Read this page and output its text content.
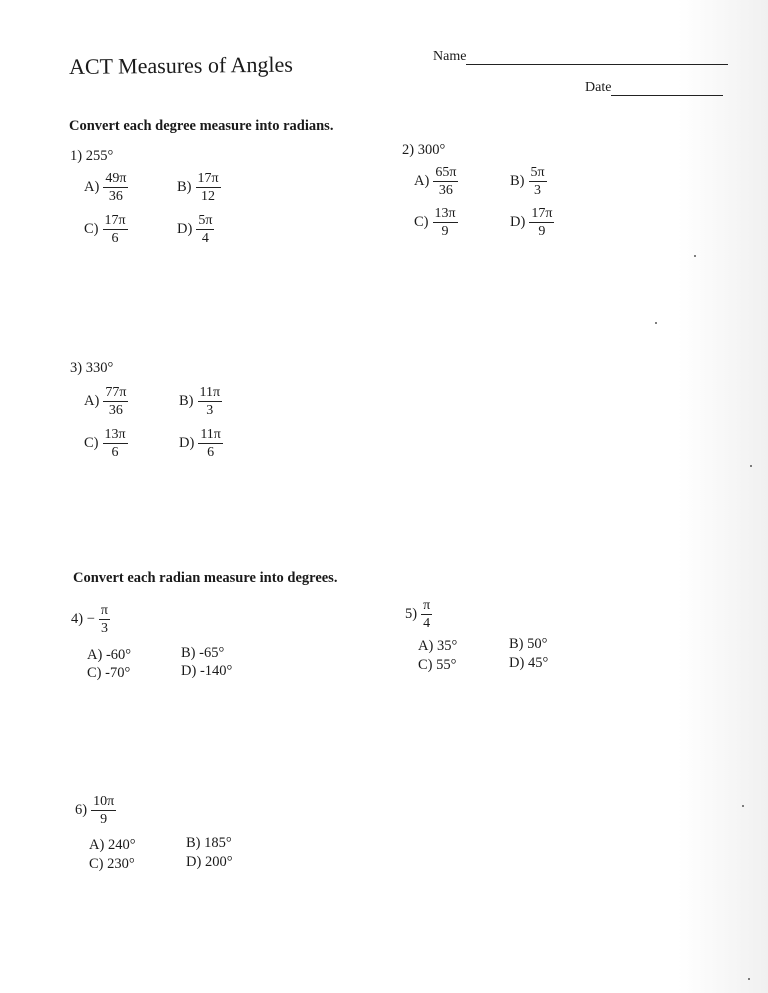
ACT Measures of Angles	Name
Date
Convert each degree measure into radians.
1) 255°
$A) \frac{49\pi}{36}$	$B) \frac{17\pi}{12}$
$C) \frac{17\pi}{6}$	$D) \frac{5\pi}{4}$
2) 300°
$A) \frac{65\pi}{36}$	$B) \frac{5\pi}{3}$
$C) \frac{13\pi}{9}$	$D) \frac{17\pi}{9}$
3) 330°
$A) \frac{77\pi}{36}$	$B) \frac{11\pi}{3}$
$C) \frac{13\pi}{6}$	$D) \frac{11\pi}{6}$
Convert each radian measure into degrees.
$4) - \frac{\pi}{3}$
A) -60°	B) -65°
C) -70°	D) -140°
$5) \frac{\pi}{4}$
A) 35°	B) 50°
C) 55°	D) 45°
$6) \frac{10\pi}{9}$
A) 240°	B) 185°
C) 230°	D) 200°
